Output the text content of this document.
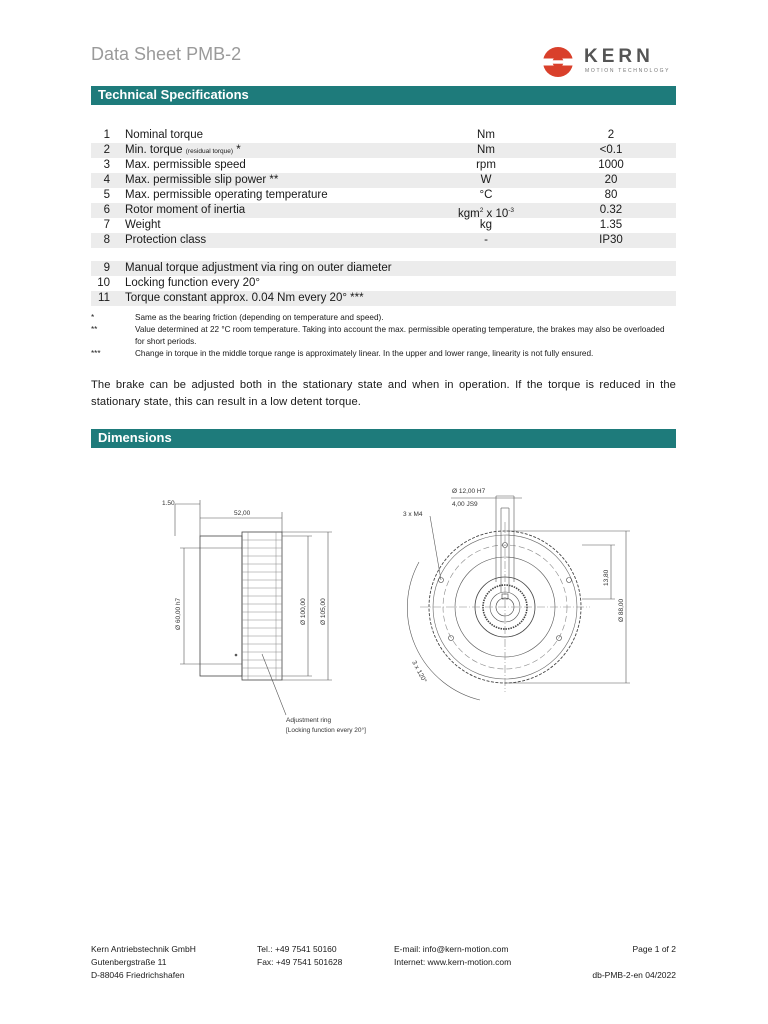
Data Sheet PMB-2	KERN
MOTION TECHNOLOGY
Technical Specifications
1 Nominal torque	Nm	2
2 Min. torque (residual torque) *	Nm	<0.1
3 Max. permissible speed	rpm	1000
4 Max. permissible slip power **	W	20
5 Max. permissible operating temperature	°C	80
6 Rotor moment of inertia	kgm$^2$ x $10^{-3}$	0.32
7 Weight	kg	1.35
8 Protection class	-	IP30
9 Manual torque adjustment via ring on outer diameter
10 Locking function every 20°
11 Torque constant approx. 0.04 Nm every 20° ***
*	Same as the bearing friction (depending on temperature and speed).
**	Value determined at 22 °C room temperature. Taking into account the max. permissible operating temperature, the brakes may also be overloaded for short periods.
***	Change in torque in the middle torque range is approximately linear. In the upper and lower range, linearity is not fully ensured.
The brake can be adjusted both in the stationary state and when in operation. If the torque is reduced in the stationary state, this can result in a low detent torque.
Dimensions
1.50
52,00
Ø 60,00 h7	Ø 100,00 Ø 105,00
Adjustment ring
[Locking function every 20°]
Ø 12,00 H7
4,00 JS9
3 x M4
13,80
Ø 88,00
3 x 120°
Kern Antriebstechnik GmbH
Gutenbergstraße 11
D-88046 Friedrichshafen
Tel.: +49 7541 50160
Fax: +49 7541 501628
E-mail: info@kern-motion.com
Internet: www.kern-motion.com
Page 1 of 2

db-PMB-2-en 04/2022
